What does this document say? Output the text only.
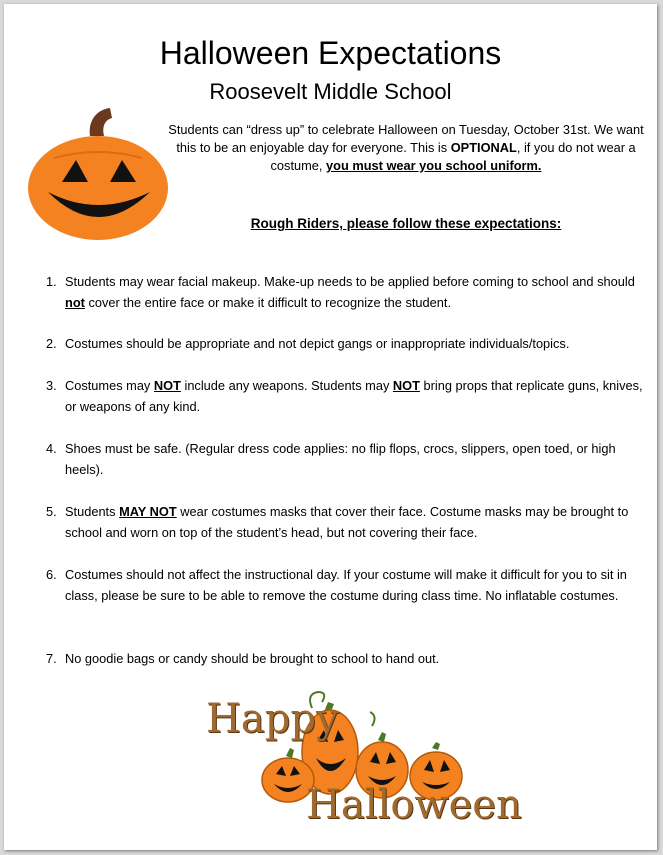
Halloween Expectations
Roosevelt Middle School
Students can “dress up” to celebrate Halloween on Tuesday, October 31st. We want this to be an enjoyable day for everyone. This is OPTIONAL, if you do not wear a costume, you must wear you school uniform.
Rough Riders, please follow these expectations:
1. Students may wear facial makeup. Make-up needs to be applied before coming to school and should not cover the entire face or make it difficult to recognize the student.
2. Costumes should be appropriate and not depict gangs or inappropriate individuals/topics.
3. Costumes may NOT include any weapons. Students may NOT bring props that replicate guns, knives, or weapons of any kind.
4. Shoes must be safe. (Regular dress code applies: no flip flops, crocs, slippers, open toed, or high heels).
5. Students MAY NOT wear costumes masks that cover their face. Costume masks may be brought to school and worn on top of the student’s head, but not covering their face.
6. Costumes should not affect the instructional day. If your costume will make it difficult for you to sit in class, please be sure to be able to remove the costume during class time. No inflatable costumes.
7. No goodie bags or candy should be brought to school to hand out.
Happy
Halloween
